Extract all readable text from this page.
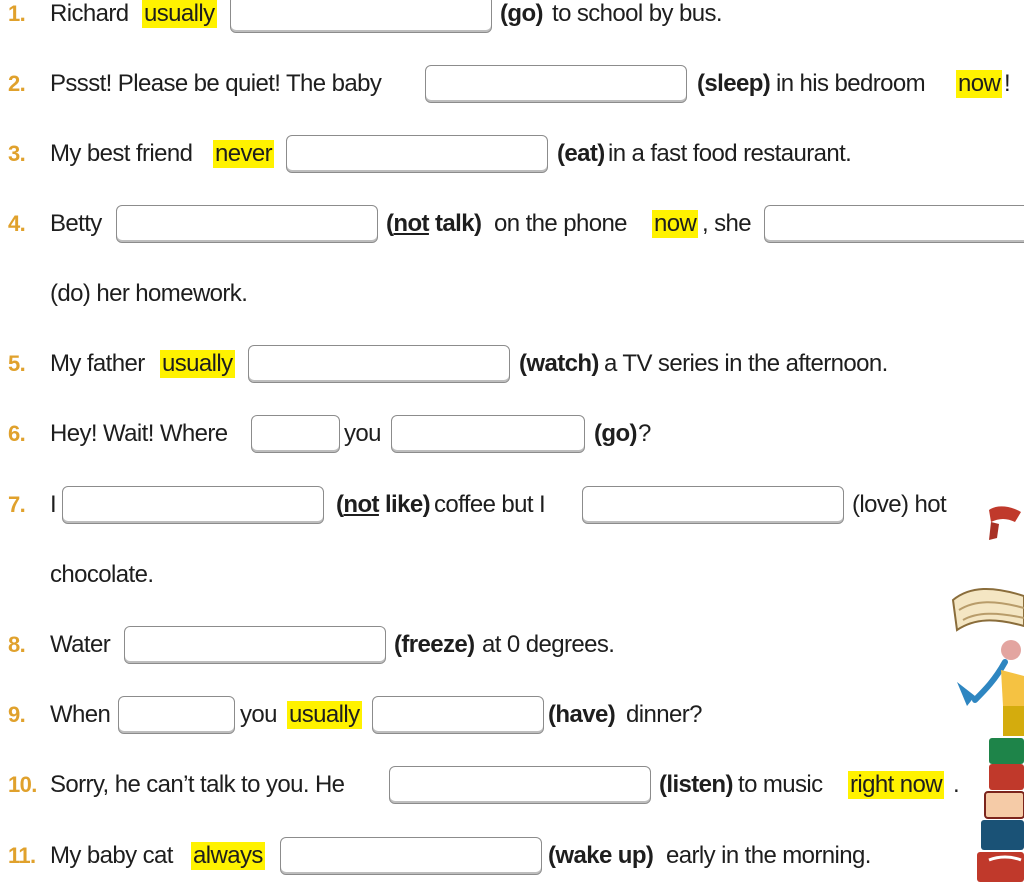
1.	Richard usually	(go) to school by bus.
2.	Pssst! Please be quiet! The baby	(sleep) in his bedroom now !
3.	My best friend never	(eat) in a fast food restaurant.
4.	Betty	(not talk) on the phone now , she
(do) her homework.
5.	My father usually	(watch) a TV series in the afternoon.
6.	Hey! Wait! Where	you	(go) ?
7.	I	(not like) coffee but I	(love) hot
chocolate.
8.	Water	(freeze) at 0 degrees.
9.	When	you usually	(have) dinner?
10. Sorry, he can’t talk to you. He	(listen) to music right now .
11. My baby cat always	(wake up) early in the morning.
